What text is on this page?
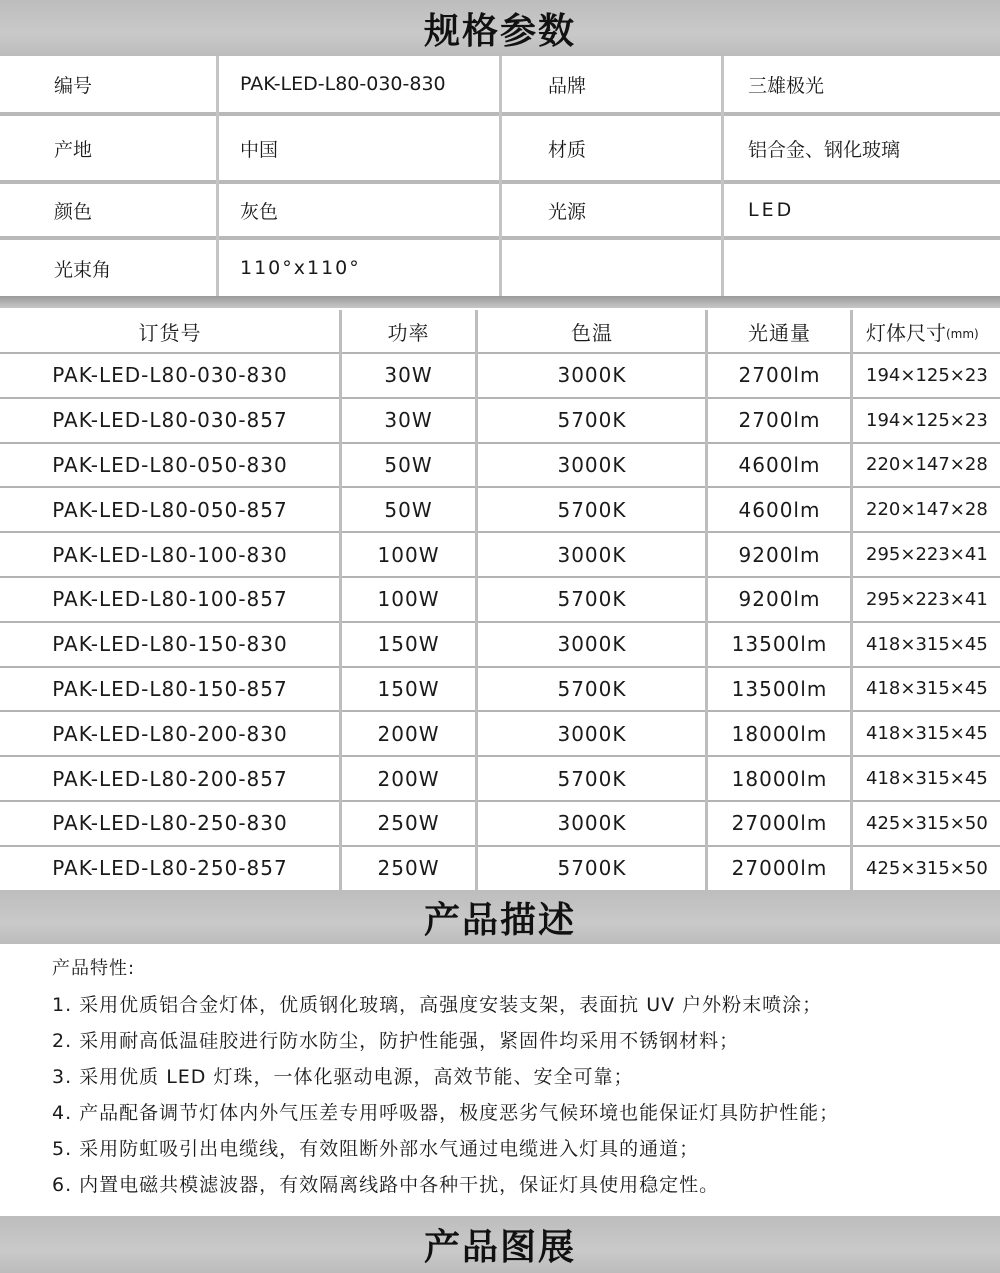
规格参数
编号	PAK-LED-L80-030-830	品牌	三雄极光
产地	中国	材质	铝合金、钢化玻璃
颜色	灰色	光源	LED
光束角	110°x110°
订货号	功率	色温	光通量	灯体尺寸 (mm)
PAK-LED-L80-030-830	30W	3000K	2700lm	194×125×23
PAK-LED-L80-030-857	30W	5700K	2700lm	194×125×23
PAK-LED-L80-050-830	50W	3000K	4600lm	220×147×28
PAK-LED-L80-050-857	50W	5700K	4600lm	220×147×28
PAK-LED-L80-100-830	100W	3000K	9200lm	295×223×41
PAK-LED-L80-100-857	100W	5700K	9200lm	295×223×41
PAK-LED-L80-150-830	150W	3000K	13500lm	418×315×45
PAK-LED-L80-150-857	150W	5700K	13500lm	418×315×45
PAK-LED-L80-200-830	200W	3000K	18000lm	418×315×45
PAK-LED-L80-200-857	200W	5700K	18000lm	418×315×45
PAK-LED-L80-250-830	250W	3000K	27000lm	425×315×50
PAK-LED-L80-250-857	250W	5700K	27000lm	425×315×50
产品描述
产品特性:
1. 采用优质铝合金灯体，优质钢化玻璃，高强度安装支架，表面抗 UV 户外粉末喷涂；
2. 采用耐高低温硅胶进行防水防尘，防护性能强，紧固件均采用不锈钢材料；
3. 采用优质 LED 灯珠，一体化驱动电源，高效节能、安全可靠；
4. 产品配备调节灯体内外气压差专用呼吸器，极度恶劣气候环境也能保证灯具防护性能；
5. 采用防虹吸引出电缆线，有效阻断外部水气通过电缆进入灯具的通道；
6. 内置电磁共模滤波器，有效隔离线路中各种干扰，保证灯具使用稳定性。
产品图展
